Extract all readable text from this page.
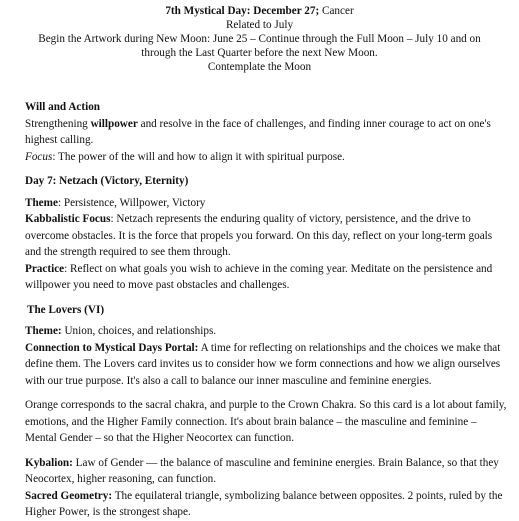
7th Mystical Day: December 27; Cancer
Related to July
Begin the Artwork during New Moon: June 25 – Continue through the Full Moon – July 10 and on
through the Last Quarter before the next New Moon.
Contemplate the Moon

Will and Action

Strengthening willpower and resolve in the face of challenges, and finding inner courage to act on one's highest calling.

Focus: The power of the will and how to align it with spiritual purpose.

Day 7: Netzach (Victory, Eternity)

Theme: Persistence, Willpower, Victory

Kabbalistic Focus: Netzach represents the enduring quality of victory, persistence, and the drive to overcome obstacles. It is the force that propels you forward. On this day, reflect on your long-term goals and the strength required to see them through.

Practice: Reflect on what goals you wish to achieve in the coming year. Meditate on the persistence and willpower you need to move past obstacles and challenges.

The Lovers (VI)

Theme: Union, choices, and relationships.

Connection to Mystical Days Portal: A time for reflecting on relationships and the choices we make that define them. The Lovers card invites us to consider how we form connections and how we align ourselves with our true purpose. It's also a call to balance our inner masculine and feminine energies.

Orange corresponds to the sacral chakra, and purple to the Crown Chakra. So this card is a lot about family, emotions, and the Higher Family connection. It's about brain balance – the masculine and feminine – Mental Gender – so that the Higher Neocortex can function.

Kybalion: Law of Gender — the balance of masculine and feminine energies. Brain Balance, so that they Neocortex, higher reasoning, can function.

Sacred Geometry: The equilateral triangle, symbolizing balance between opposites. 2 points, ruled by the Higher Power, is the strongest shape.
